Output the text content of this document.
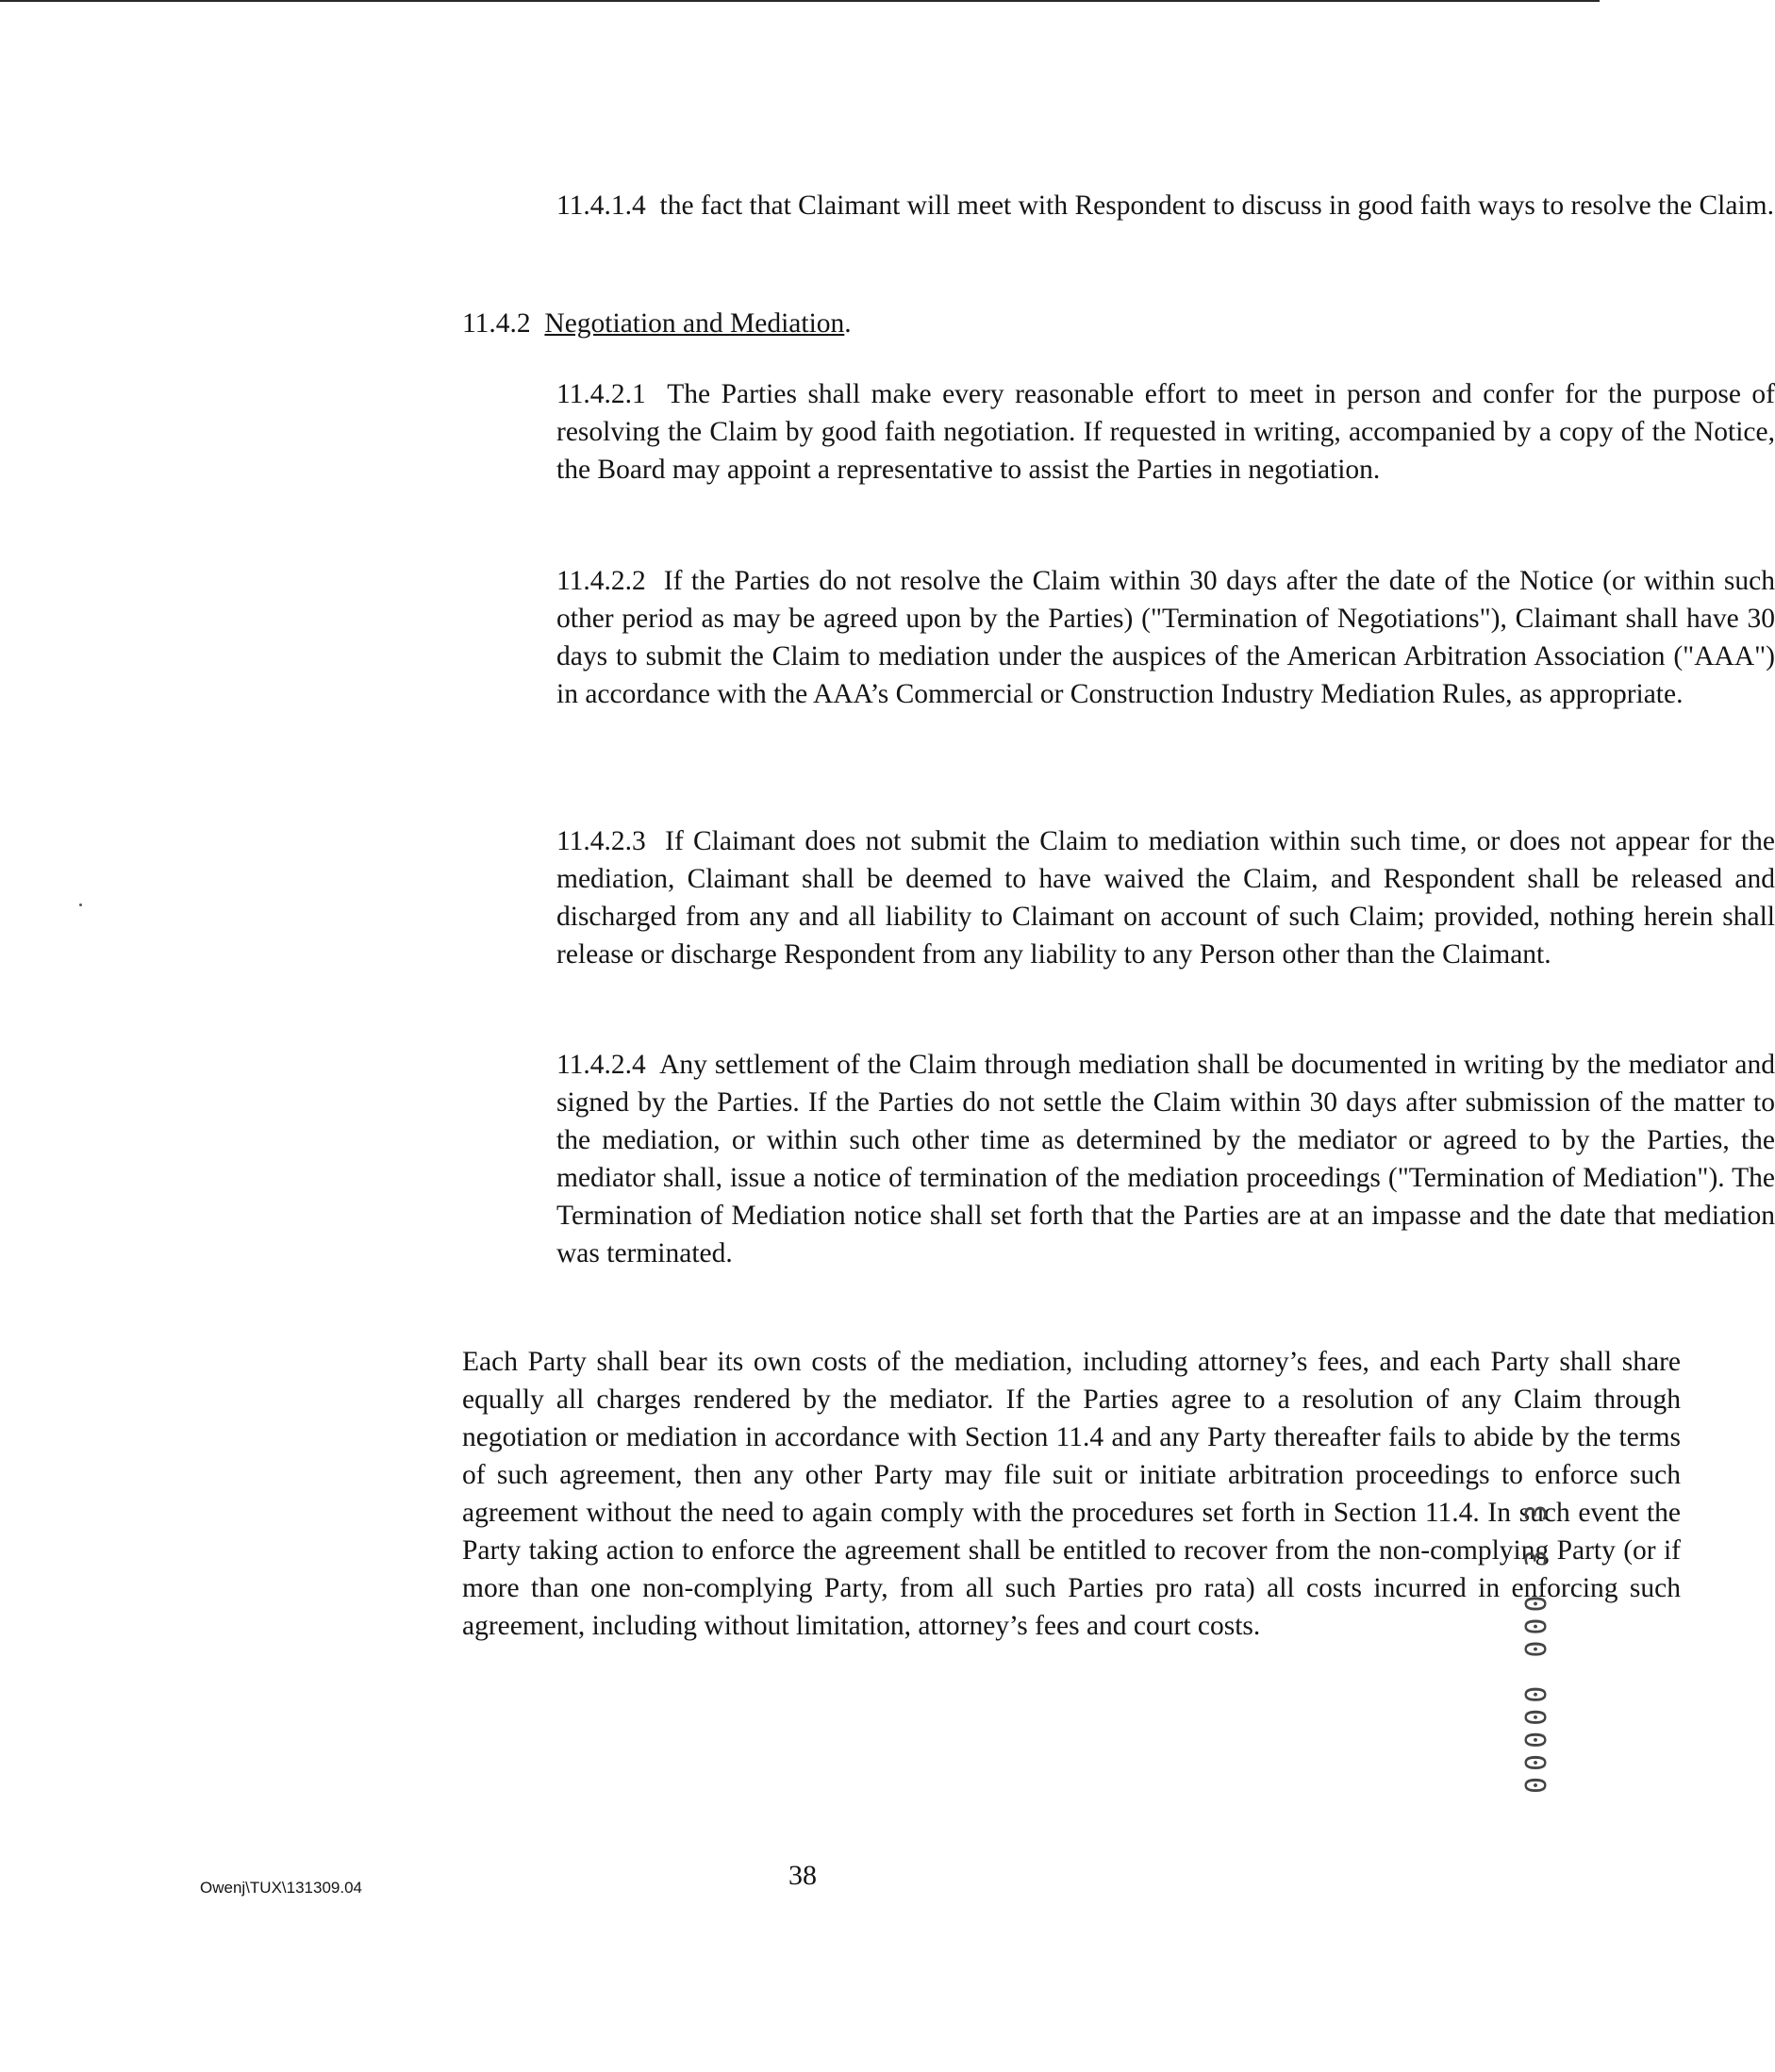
11.4.1.4 the fact that Claimant will meet with Respondent to discuss in good faith ways to resolve the Claim.

11.4.2 Negotiation and Mediation.

11.4.2.1 The Parties shall make every reasonable effort to meet in person and confer for the purpose of resolving the Claim by good faith negotiation. If requested in writing, accompanied by a copy of the Notice, the Board may appoint a representative to assist the Parties in negotiation.

11.4.2.2 If the Parties do not resolve the Claim within 30 days after the date of the Notice (or within such other period as may be agreed upon by the Parties) ("Termination of Negotiations"), Claimant shall have 30 days to submit the Claim to mediation under the auspices of the American Arbitration Association ("AAA") in accordance with the AAA’s Commercial or Construction Industry Mediation Rules, as appropriate.

11.4.2.3 If Claimant does not submit the Claim to mediation within such time, or does not appear for the mediation, Claimant shall be deemed to have waived the Claim, and Respondent shall be released and discharged from any and all liability to Claimant on account of such Claim; provided, nothing herein shall release or discharge Respondent from any liability to any Person other than the Claimant.

11.4.2.4 Any settlement of the Claim through mediation shall be documented in writing by the mediator and signed by the Parties. If the Parties do not settle the Claim within 30 days after submission of the matter to the mediation, or within such other time as determined by the mediator or agreed to by the Parties, the mediator shall, issue a notice of termination of the mediation proceedings ("Termination of Mediation"). The Termination of Mediation notice shall set forth that the Parties are at an impasse and the date that mediation was terminated.

Each Party shall bear its own costs of the mediation, including attorney’s fees, and each Party shall share equally all charges rendered by the mediator. If the Parties agree to a resolution of any Claim through negotiation or mediation in accordance with Section 11.4 and any Party thereafter fails to abide by the terms of such agreement, then any other Party may file suit or initiate arbitration proceedings to enforce such agreement without the need to again comply with the procedures set forth in Section 11.4. In such event the Party taking action to enforce the agreement shall be entitled to recover from the non-complying Party (or if more than one non-complying Party, from all such Parties pro rata) all costs incurred in enforcing such agreement, including without limitation, attorney’s fees and court costs.

Owenj\TUX\131309.04	38
00000 000 3 3
